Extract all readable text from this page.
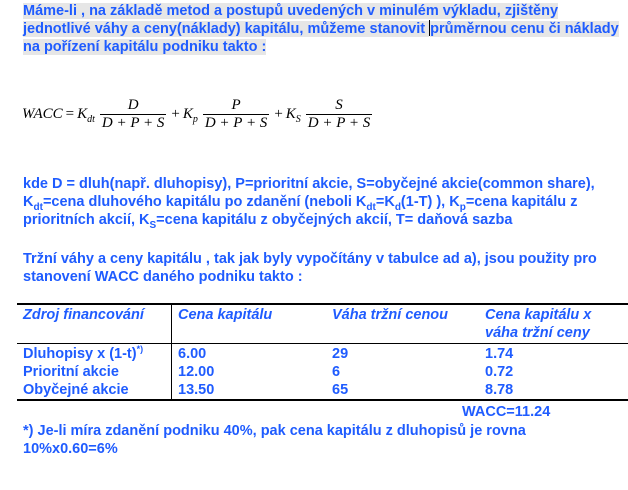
Máme-li , na základě metod a postupů uvedených v minulém výkladu, zjištěny jednotlivé váhy a ceny(náklady) kapitálu, můžeme stanovit průměrnou cenu či náklady na pořízení kapitálu podniku takto :
WACC = $K_{dt} \frac{D}{D + P + S} + K_p \frac{P}{D + P + S} + K_S \frac{S}{D + P + S}$
kde D = dluh(např. dluhopisy), P=prioritní akcie, S=obyčejné akcie(common share), $K_{dt}=cena$ dluhového kapitálu po zdanění (neboli $K_{dt}=K_d(1-T)$ ), $K_p=cena$ kapitálu z prioritních akcií, $K_S=cena$ kapitálu z obyčejných akcií, T= daňová sazba
Tržní váhy a ceny kapitálu , tak jak byly vypočítány v tabulce ad a), jsou použity pro stanovení WACC daného podniku takto :
Zdroj financování	Cena kapitálu	Váha tržní cenou	Cena kapitálu x váha tržní ceny
Dluhopisy x (1-t)*)	6.00	29	1.74
Prioritní akcie	12.00	6	0.72
Obyčejné akcie	13.50	65	8.78
WACC=11.24
*) Je-li míra zdanění podniku 40%, pak cena kapitálu z dluhopisů je rovna 10%x0.60=6%
